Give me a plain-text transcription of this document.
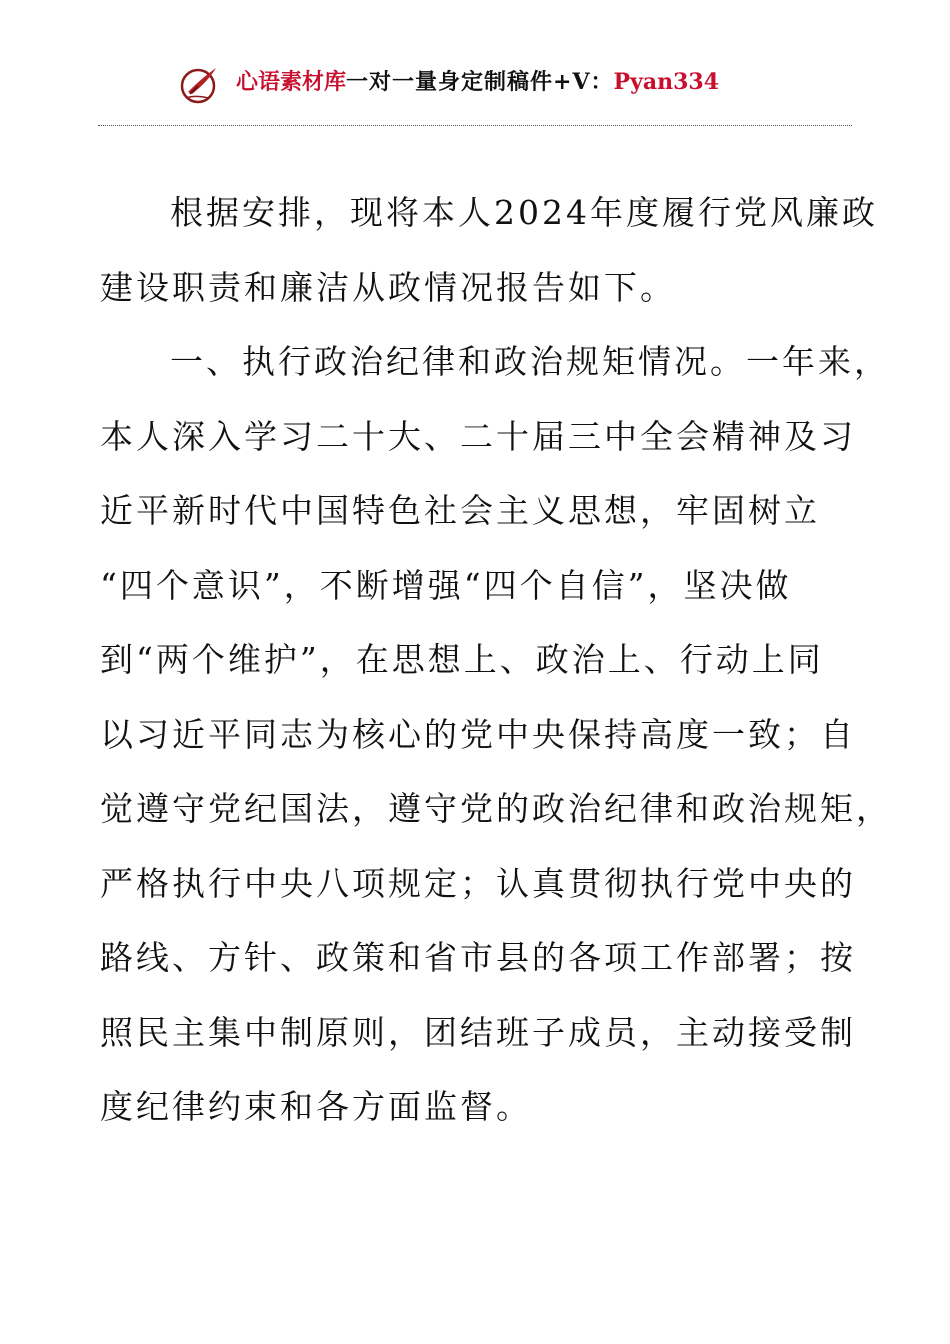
心语素材库一对一量身定制稿件+V：Pyan334
根据安排，现将本人2024年度履行党风廉政
建设职责和廉洁从政情况报告如下。
一、执行政治纪律和政治规矩情况。一年来，
本人深入学习二十大、二十届三中全会精神及习
近平新时代中国特色社会主义思想，牢固树立
“四个意识”，不断增强“四个自信”，坚决做
到“两个维护”，在思想上、政治上、行动上同
以习近平同志为核心的党中央保持高度一致；自
觉遵守党纪国法，遵守党的政治纪律和政治规矩，
严格执行中央八项规定；认真贯彻执行党中央的
路线、方针、政策和省市县的各项工作部署；按
照民主集中制原则，团结班子成员，主动接受制
度纪律约束和各方面监督。
